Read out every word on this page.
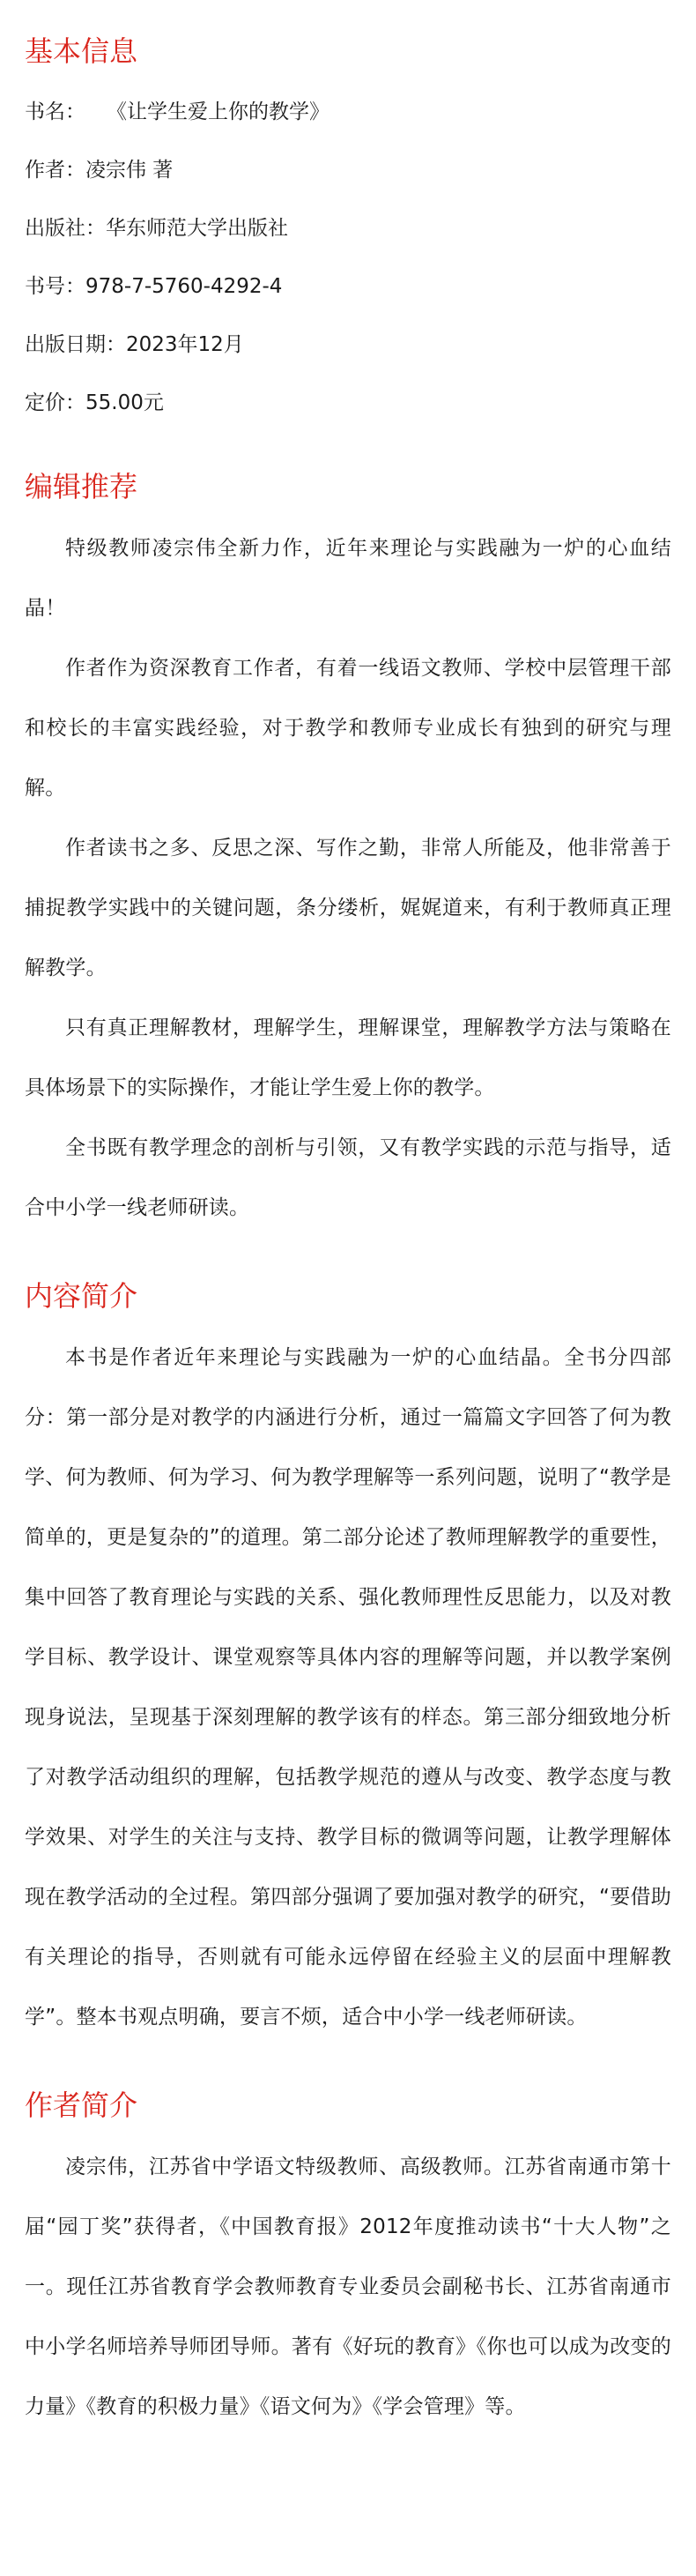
基本信息
书名： 《让学生爱上你的教学》
作者： 凌宗伟 著
出版社： 华东师范大学出版社
书号： 978-7-5760-4292-4
出版日期： 2023年12月
定价： 55.00元
编辑推荐

特级教师凌宗伟全新力作，近年来理论与实践融为一炉的心血结晶！

作者作为资深教育工作者，有着一线语文教师、学校中层管理干部和校长的丰富实践经验，对于教学和教师专业成长有独到的研究与理解。

作者读书之多、反思之深、写作之勤，非常人所能及，他非常善于捕捉教学实践中的关键问题，条分缕析，娓娓道来，有利于教师真正理解教学。

只有真正理解教材，理解学生，理解课堂，理解教学方法与策略在具体场景下的实际操作，才能让学生爱上你的教学。

全书既有教学理念的剖析与引领，又有教学实践的示范与指导，适合中小学一线老师研读。

内容简介

本书是作者近年来理论与实践融为一炉的心血结晶。全书分四部分：第一部分是对教学的内涵进行分析，通过一篇篇文字回答了何为教学、何为教师、何为学习、何为教学理解等一系列问题，说明了“教学是简单的，更是复杂的”的道理。第二部分论述了教师理解教学的重要性，集中回答了教育理论与实践的关系、强化教师理性反思能力，以及对教学目标、教学设计、课堂观察等具体内容的理解等问题，并以教学案例现身说法，呈现基于深刻理解的教学该有的样态。第三部分细致地分析了对教学活动组织的理解，包括教学规范的遵从与改变、教学态度与教学效果、对学生的关注与支持、教学目标的微调等问题，让教学理解体现在教学活动的全过程。第四部分强调了要加强对教学的研究，“要借助有关理论的指导，否则就有可能永远停留在经验主义的层面中理解教学”。整本书观点明确，要言不烦，适合中小学一线老师研读。

作者简介

凌宗伟，江苏省中学语文特级教师、高级教师。江苏省南通市第十届“园丁奖”获得者，《中国教育报》2012年度推动读书“十大人物”之一。现任江苏省教育学会教师教育专业委员会副秘书长、江苏省南通市中小学名师培养导师团导师。著有《好玩的教育》《你也可以成为改变的力量》《教育的积极力量》《语文何为》《学会管理》等。
